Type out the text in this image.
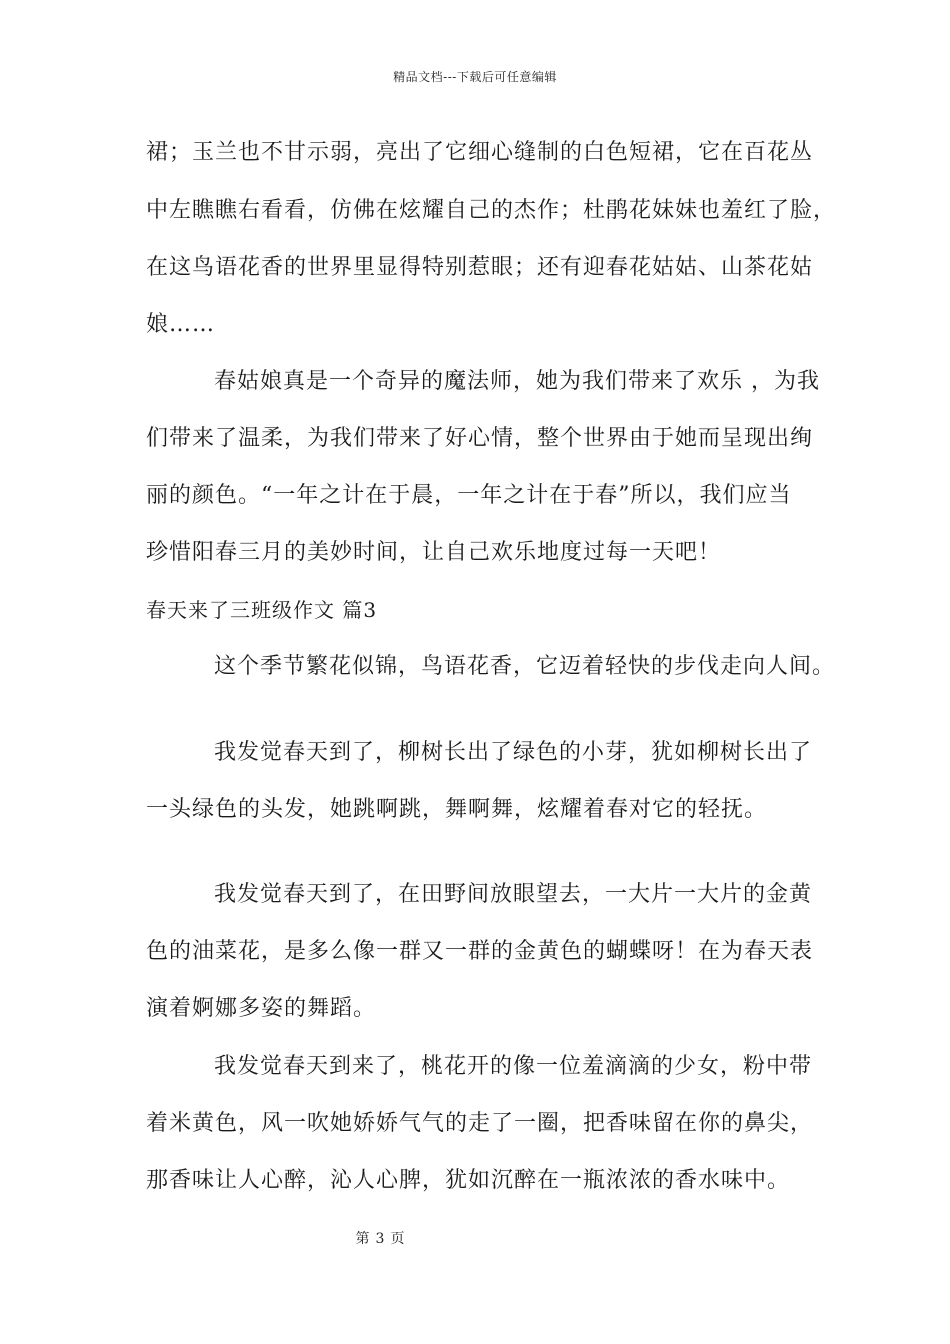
精品文档---下载后可任意编辑
裙；玉兰也不甘示弱，亮出了它细心缝制的白色短裙，它在百花丛
中左瞧瞧右看看，仿佛在炫耀自己的杰作；杜鹃花妹妹也羞红了脸，
在这鸟语花香的世界里显得特别惹眼；还有迎春花姑姑、山茶花姑
娘……
春姑娘真是一个奇异的魔法师，她为我们带来了欢乐 ，为我
们带来了温柔，为我们带来了好心情，整个世界由于她而呈现出绚
丽的颜色。“一年之计在于晨，一年之计在于春”所以，我们应当
珍惜阳春三月的美妙时间，让自己欢乐地度过每一天吧！
春天来了三班级作文 篇3
这个季节繁花似锦，鸟语花香，它迈着轻快的步伐走向人间。
我发觉春天到了，柳树长出了绿色的小芽，犹如柳树长出了
一头绿色的头发，她跳啊跳，舞啊舞，炫耀着春对它的轻抚。
我发觉春天到了，在田野间放眼望去，一大片一大片的金黄
色的油菜花，是多么像一群又一群的金黄色的蝴蝶呀！在为春天表
演着婀娜多姿的舞蹈。
我发觉春天到来了，桃花开的像一位羞滴滴的少女，粉中带
着米黄色，风一吹她娇娇气气的走了一圈，把香味留在你的鼻尖，
那香味让人心醉，沁人心脾，犹如沉醉在一瓶浓浓的香水味中。
第 3 页
